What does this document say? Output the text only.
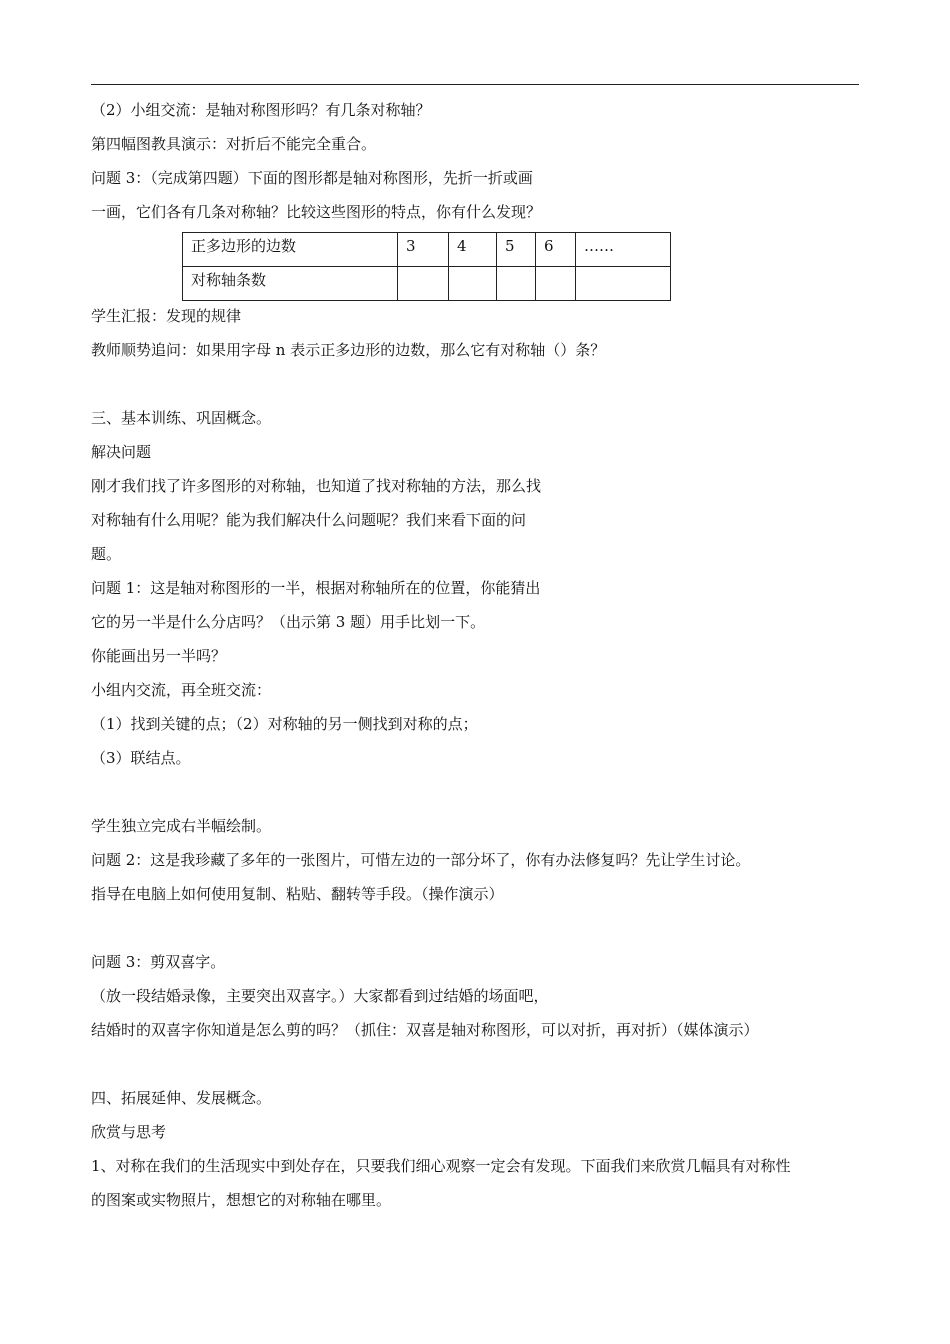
（2）小组交流：是轴对称图形吗？有几条对称轴？
第四幅图教具演示：对折后不能完全重合。
问题 3：（完成第四题）下面的图形都是轴对称图形，先折一折或画
一画，它们各有几条对称轴？比较这些图形的特点，你有什么发现？
正多边形的边数	3	4	5	6	……
对称轴条数					
学生汇报：发现的规律
教师顺势追问：如果用字母 n 表示正多边形的边数，那么它有对称轴（）条？
三、基本训练、巩固概念。
解决问题
刚才我们找了许多图形的对称轴，也知道了找对称轴的方法，那么找
对称轴有什么用呢？能为我们解决什么问题呢？我们来看下面的问
题。
问题 1：这是轴对称图形的一半，根据对称轴所在的位置，你能猜出
它的另一半是什么分店吗？（出示第 3 题）用手比划一下。
你能画出另一半吗？
小组内交流，再全班交流：
（1）找到关键的点；（2）对称轴的另一侧找到对称的点；
（3）联结点。
学生独立完成右半幅绘制。
问题 2：这是我珍藏了多年的一张图片，可惜左边的一部分坏了，你有办法修复吗？先让学生讨论。
指导在电脑上如何使用复制、粘贴、翻转等手段。（操作演示）
问题 3：剪双喜字。
（放一段结婚录像，主要突出双喜字。）大家都看到过结婚的场面吧，
结婚时的双喜字你知道是怎么剪的吗？（抓住：双喜是轴对称图形，可以对折，再对折）（媒体演示）
四、拓展延伸、发展概念。
欣赏与思考
1、对称在我们的生活现实中到处存在，只要我们细心观察一定会有发现。下面我们来欣赏几幅具有对称性
的图案或实物照片，想想它的对称轴在哪里。
